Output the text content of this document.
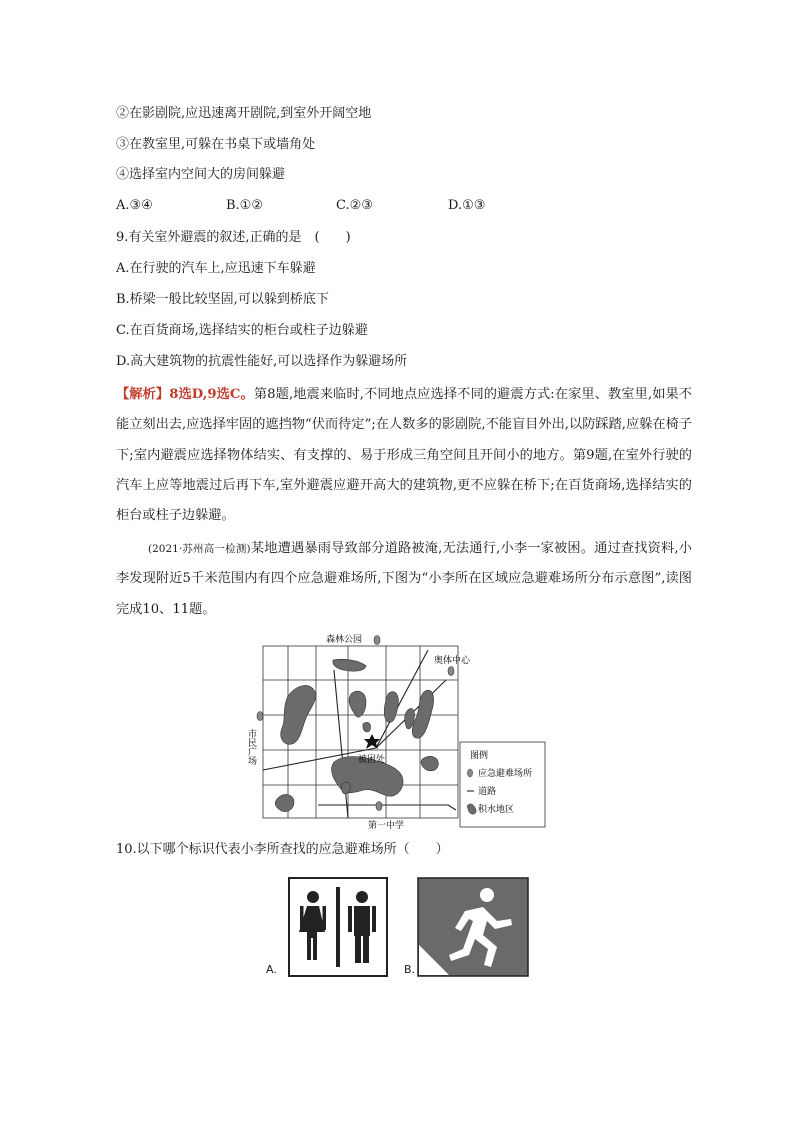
②在影剧院,应迅速离开剧院,到室外开阔空地
③在教室里,可躲在书桌下或墙角处
④选择室内空间大的房间躲避
A.③④	B.①②	C.②③	D.①③
9.有关室外避震的叙述,正确的是　(　　)
A.在行驶的汽车上,应迅速下车躲避
B.桥梁一般比较坚固,可以躲到桥底下
C.在百货商场,选择结实的柜台或柱子边躲避
D.高大建筑物的抗震性能好,可以选择作为躲避场所
【解析】8选D,9选C。第8题,地震来临时,不同地点应选择不同的避震方式:在家里、教室里,如果不能立刻出去,应选择牢固的遮挡物“伏而待定”;在人数多的影剧院,不能盲目外出,以防踩踏,应躲在椅子下;室内避震应选择物体结实、有支撑的、易于形成三角空间且开间小的地方。第9题,在室外行驶的汽车上应等地震过后再下车,室外避震应避开高大的建筑物,更不应躲在桥下;在百货商场,选择结实的柜台或柱子边躲避。
(2021·苏州高一检测)某地遭遇暴雨导致部分道路被淹,无法通行,小李一家被困。通过查找资料,小李发现附近5千米范围内有四个应急避难场所,下图为“小李所在区域应急避难场所分布示意图”,读图完成10、11题。
森林公园
奥体中心
被困处
第一中学
市民广场	图例
应急避难场所
道路
积水地区
10.以下哪个标识代表小李所查找的应急避难场所（　　）
A.	B.
